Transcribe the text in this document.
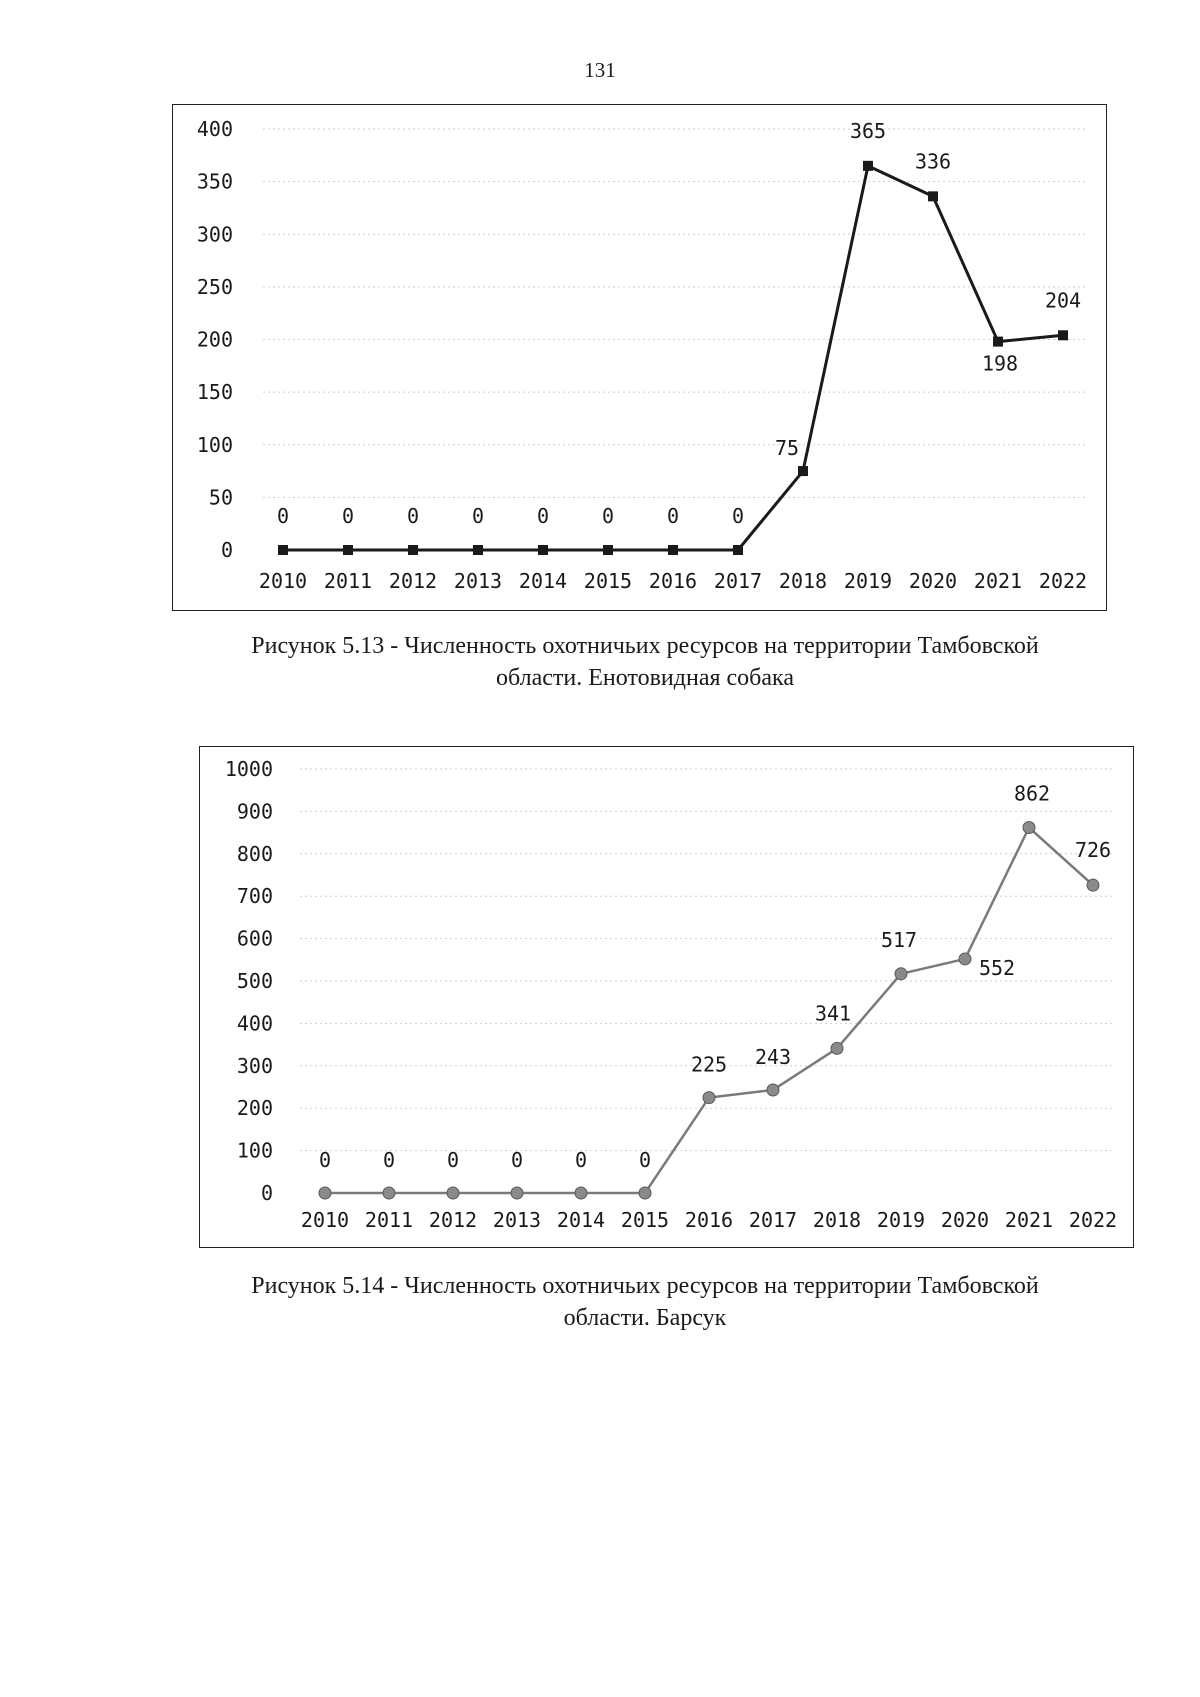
131
0
50
100
150
200
250
300
350
400
2010 2011 2012 2013 2014 2015 2016 2017 2018 2019 2020 2021 2022
0	0	0	0	0	0	0	0
75
365
336
198
204
Рисунок 5.13 - Численность охотничьих ресурсов на территории Тамбовской
области. Енотовидная собака
0
100
200
300
400
500
600
700
800
900
1000
2010 2011 2012 2013 2014 2015 2016 2017 2018 2019 2020 2021 2022
0	0	0	0	0	0
225 243
341
517
552
862
726
Рисунок 5.14 - Численность охотничьих ресурсов на территории Тамбовской
области. Барсук
